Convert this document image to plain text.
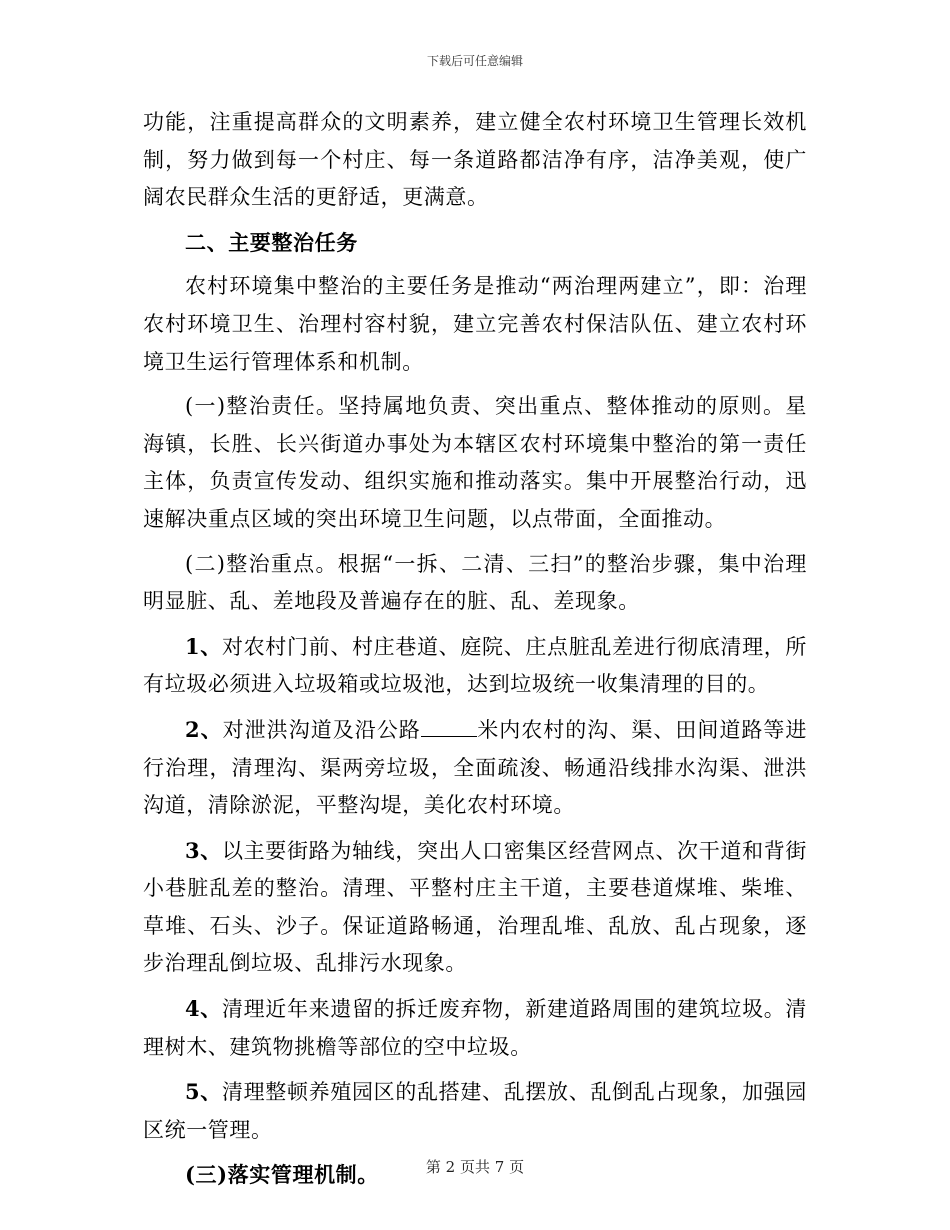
下载后可任意编辑

功能，注重提高群众的文明素养，建立健全农村环境卫生管理长效机制，努力做到每一个村庄、每一条道路都洁净有序，洁净美观，使广阔农民群众生活的更舒适，更满意。

二、主要整治任务

农村环境集中整治的主要任务是推动“两治理两建立”，即：治理农村环境卫生、治理村容村貌，建立完善农村保洁队伍、建立农村环境卫生运行管理体系和机制。

(一)整治责任。坚持属地负责、突出重点、整体推动的原则。星海镇，长胜、长兴街道办事处为本辖区农村环境集中整治的第一责任主体，负责宣传发动、组织实施和推动落实。集中开展整治行动，迅速解决重点区域的突出环境卫生问题，以点带面，全面推动。

(二)整治重点。根据“一拆、二清、三扫”的整治步骤，集中治理明显脏、乱、差地段及普遍存在的脏、乱、差现象。

1、对农村门前、村庄巷道、庭院、庄点脏乱差进行彻底清理，所有垃圾必须进入垃圾箱或垃圾池，达到垃圾统一收集清理的目的。

2、对泄洪沟道及沿公路	米内农村的沟、渠、田间道路等进行治理，清理沟、渠两旁垃圾，全面疏浚、畅通沿线排水沟渠、泄洪沟道，清除淤泥，平整沟堤，美化农村环境。

3、以主要街路为轴线，突出人口密集区经营网点、次干道和背街小巷脏乱差的整治。清理、平整村庄主干道，主要巷道煤堆、柴堆、草堆、石头、沙子。保证道路畅通，治理乱堆、乱放、乱占现象，逐步治理乱倒垃圾、乱排污水现象。

4、清理近年来遗留的拆迁废弃物，新建道路周围的建筑垃圾。清理树木、建筑物挑檐等部位的空中垃圾。

5、清理整顿养殖园区的乱搭建、乱摆放、乱倒乱占现象，加强园区统一管理。

(三)落实管理机制。	第 2 页共 7 页
